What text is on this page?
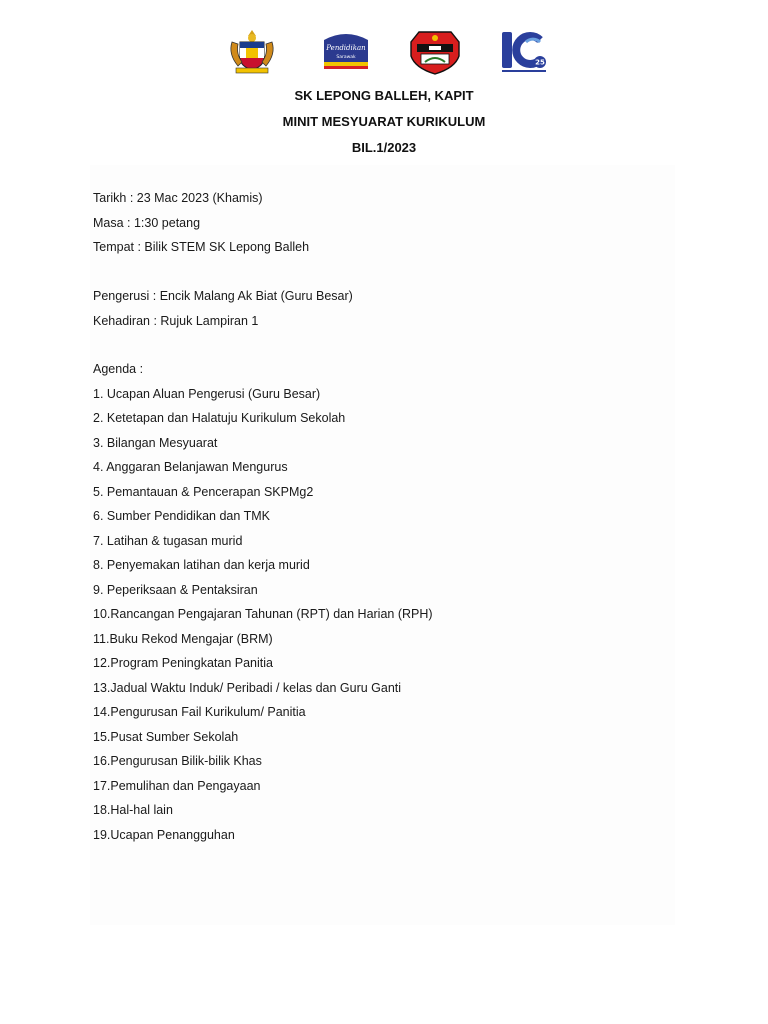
Pendidikan
Sarawak
25
SK LEPONG BALLEH, KAPIT
MINIT MESYUARAT KURIKULUM
BIL.1/2023
Tarikh : 23 Mac 2023 (Khamis)
Masa : 1:30 petang
Tempat : Bilik STEM SK Lepong Balleh
Pengerusi : Encik Malang Ak Biat (Guru Besar)
Kehadiran : Rujuk Lampiran 1
Agenda :
1. Ucapan Aluan Pengerusi (Guru Besar)
2. Ketetapan dan Halatuju Kurikulum Sekolah
3. Bilangan Mesyuarat
4. Anggaran Belanjawan Mengurus
5. Pemantauan & Pencerapan SKPMg2
6. Sumber Pendidikan dan TMK
7. Latihan & tugasan murid
8. Penyemakan latihan dan kerja murid
9. Peperiksaan & Pentaksiran
10.Rancangan Pengajaran Tahunan (RPT) dan Harian (RPH)
11.Buku Rekod Mengajar (BRM)
12.Program Peningkatan Panitia
13.Jadual Waktu Induk/ Peribadi / kelas dan Guru Ganti
14.Pengurusan Fail Kurikulum/ Panitia
15.Pusat Sumber Sekolah
16.Pengurusan Bilik-bilik Khas
17.Pemulihan dan Pengayaan
18.Hal-hal lain
19.Ucapan Penangguhan
